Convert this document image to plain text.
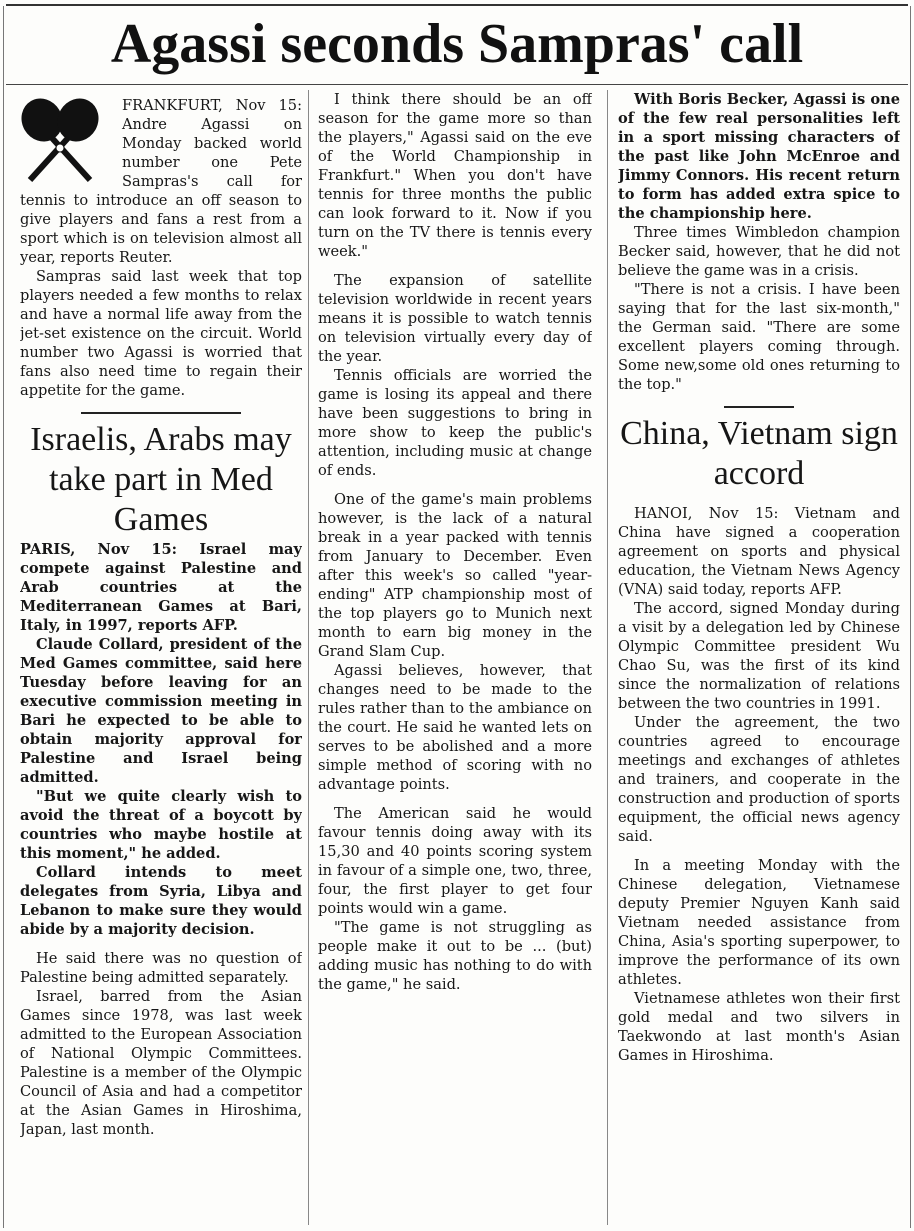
Agassi seconds Sampras' call

FRANKFURT, Nov 15: Andre Agassi on Monday backed world number one Pete Sampras's call for tennis to introduce an off season to give players and fans a rest from a sport which is on television almost all year, reports Reuter.

Sampras said last week that top players needed a few months to relax and have a normal life away from the jet-set existence on the circuit. World number two Agassi is worried that fans also need time to regain their appetite for the game.

Israelis, Arabs may take part in Med Games

PARIS, Nov 15: Israel may compete against Palestine and Arab countries at the Mediterranean Games at Bari, Italy, in 1997, reports AFP.

Claude Collard, president of the Med Games committee, said here Tuesday before leaving for an executive commission meeting in Bari he expected to be able to obtain majority approval for Palestine and Israel being admitted.

"But we quite clearly wish to avoid the threat of a boycott by countries who maybe hostile at this moment," he added.

Collard intends to meet delegates from Syria, Libya and Lebanon to make sure they would abide by a majority decision.

He said there was no question of Palestine being admitted separately.

Israel, barred from the Asian Games since 1978, was last week admitted to the European Association of National Olympic Committees. Palestine is a member of the Olympic Council of Asia and had a competitor at the Asian Games in Hiroshima, Japan, last month.

I think there should be an off season for the game more so than the players," Agassi said on the eve of the World Championship in Frankfurt." When you don't have tennis for three months the public can look forward to it. Now if you turn on the TV there is tennis every week."

The expansion of satellite television worldwide in recent years means it is possible to watch tennis on television virtually every day of the year.

Tennis officials are worried the game is losing its appeal and there have been suggestions to bring in more show to keep the public's attention, including music at change of ends.

One of the game's main problems however, is the lack of a natural break in a year packed with tennis from January to December. Even after this week's so called "year-ending" ATP championship most of the top players go to Munich next month to earn big money in the Grand Slam Cup.

Agassi believes, however, that changes need to be made to the rules rather than to the ambiance on the court. He said he wanted lets on serves to be abolished and a more simple method of scoring with no advantage points.

The American said he would favour tennis doing away with its 15,30 and 40 points scoring system in favour of a simple one, two, three, four, the first player to get four points would win a game.

"The game is not struggling as people make it out to be ... (but) adding music has nothing to do with the game," he said.

With Boris Becker, Agassi is one of the few real personalities left in a sport missing characters of the past like John McEnroe and Jimmy Connors. His recent return to form has added extra spice to the championship here.

Three times Wimbledon champion Becker said, however, that he did not believe the game was in a crisis.

"There is not a crisis. I have been saying that for the last six-month," the German said. "There are some excellent players coming through. Some new,some old ones returning to the top."

China, Vietnam sign accord

HANOI, Nov 15: Vietnam and China have signed a cooperation agreement on sports and physical education, the Vietnam News Agency (VNA) said today, reports AFP.

The accord, signed Monday during a visit by a delegation led by Chinese Olympic Committee president Wu Chao Su, was the first of its kind since the normalization of relations between the two countries in 1991.

Under the agreement, the two countries agreed to encourage meetings and exchanges of athletes and trainers, and cooperate in the construction and production of sports equipment, the official news agency said.

In a meeting Monday with the Chinese delegation, Vietnamese deputy Premier Nguyen Kanh said Vietnam needed assistance from China, Asia's sporting superpower, to improve the performance of its own athletes.

Vietnamese athletes won their first gold medal and two silvers in Taekwondo at last month's Asian Games in Hiroshima.
